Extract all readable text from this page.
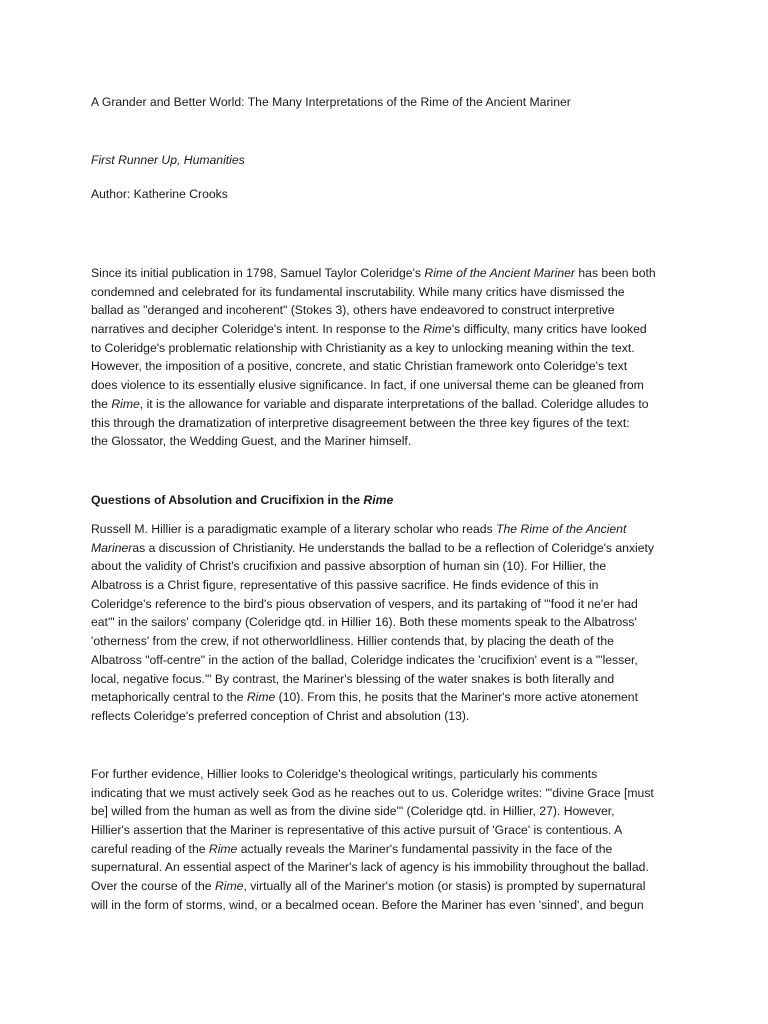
A Grander and Better World: The Many Interpretations of the Rime of the Ancient Mariner
First Runner Up, Humanities
Author: Katherine Crooks
Since its initial publication in 1798, Samuel Taylor Coleridge's Rime of the Ancient Mariner has been both
condemned and celebrated for its fundamental inscrutability. While many critics have dismissed the
ballad as "deranged and incoherent" (Stokes 3), others have endeavored to construct interpretive
narratives and decipher Coleridge's intent. In response to the Rime's difficulty, many critics have looked
to Coleridge's problematic relationship with Christianity as a key to unlocking meaning within the text.
However, the imposition of a positive, concrete, and static Christian framework onto Coleridge's text
does violence to its essentially elusive significance. In fact, if one universal theme can be gleaned from
the Rime, it is the allowance for variable and disparate interpretations of the ballad. Coleridge alludes to
this through the dramatization of interpretive disagreement between the three key figures of the text:
the Glossator, the Wedding Guest, and the Mariner himself.
Questions of Absolution and Crucifixion in the Rime
Russell M. Hillier is a paradigmatic example of a literary scholar who reads The Rime of the Ancient
Marineras a discussion of Christianity. He understands the ballad to be a reflection of Coleridge's anxiety
about the validity of Christ's crucifixion and passive absorption of human sin (10). For Hillier, the
Albatross is a Christ figure, representative of this passive sacrifice. He finds evidence of this in
Coleridge's reference to the bird's pious observation of vespers, and its partaking of "'food it ne'er had
eat'" in the sailors' company (Coleridge qtd. in Hillier 16). Both these moments speak to the Albatross'
'otherness' from the crew, if not otherworldliness. Hillier contends that, by placing the death of the
Albatross "off-centre" in the action of the ballad, Coleridge indicates the 'crucifixion' event is a "'lesser,
local, negative focus.'" By contrast, the Mariner's blessing of the water snakes is both literally and
metaphorically central to the Rime (10). From this, he posits that the Mariner's more active atonement
reflects Coleridge's preferred conception of Christ and absolution (13).
For further evidence, Hillier looks to Coleridge's theological writings, particularly his comments
indicating that we must actively seek God as he reaches out to us. Coleridge writes: "'divine Grace [must
be] willed from the human as well as from the divine side'" (Coleridge qtd. in Hillier, 27). However,
Hillier's assertion that the Mariner is representative of this active pursuit of 'Grace' is contentious. A
careful reading of the Rime actually reveals the Mariner's fundamental passivity in the face of the
supernatural. An essential aspect of the Mariner's lack of agency is his immobility throughout the ballad.
Over the course of the Rime, virtually all of the Mariner's motion (or stasis) is prompted by supernatural
will in the form of storms, wind, or a becalmed ocean. Before the Mariner has even 'sinned', and begun
